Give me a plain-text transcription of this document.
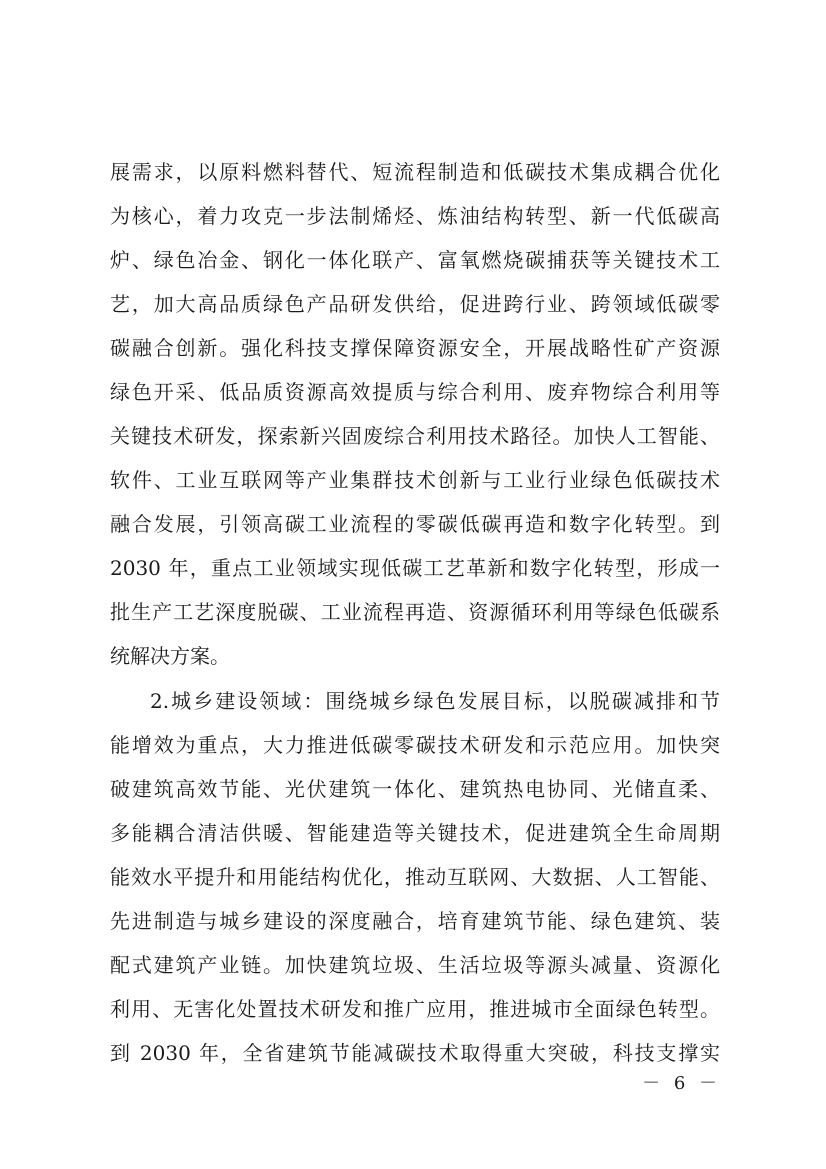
展需求，以原料燃料替代、短流程制造和低碳技术集成耦合优化
为核心，着力攻克一步法制烯烃、炼油结构转型、新一代低碳高
炉、绿色冶金、钢化一体化联产、富氧燃烧碳捕获等关键技术工
艺，加大高品质绿色产品研发供给，促进跨行业、跨领域低碳零
碳融合创新。强化科技支撑保障资源安全，开展战略性矿产资源
绿色开采、低品质资源高效提质与综合利用、废弃物综合利用等
关键技术研发，探索新兴固废综合利用技术路径。加快人工智能、
软件、工业互联网等产业集群技术创新与工业行业绿色低碳技术
融合发展，引领高碳工业流程的零碳低碳再造和数字化转型。到
2030 年，重点工业领域实现低碳工艺革新和数字化转型，形成一
批生产工艺深度脱碳、工业流程再造、资源循环利用等绿色低碳系
统解决方案。
2.城乡建设领域：围绕城乡绿色发展目标，以脱碳减排和节
能增效为重点，大力推进低碳零碳技术研发和示范应用。加快突
破建筑高效节能、光伏建筑一体化、建筑热电协同、光储直柔、
多能耦合清洁供暖、智能建造等关键技术，促进建筑全生命周期
能效水平提升和用能结构优化，推动互联网、大数据、人工智能、
先进制造与城乡建设的深度融合，培育建筑节能、绿色建筑、装
配式建筑产业链。加快建筑垃圾、生活垃圾等源头减量、资源化
利用、无害化处置技术研发和推广应用，推进城市全面绿色转型。
到 2030 年，全省建筑节能减碳技术取得重大突破，科技支撑实
－ 6 －
